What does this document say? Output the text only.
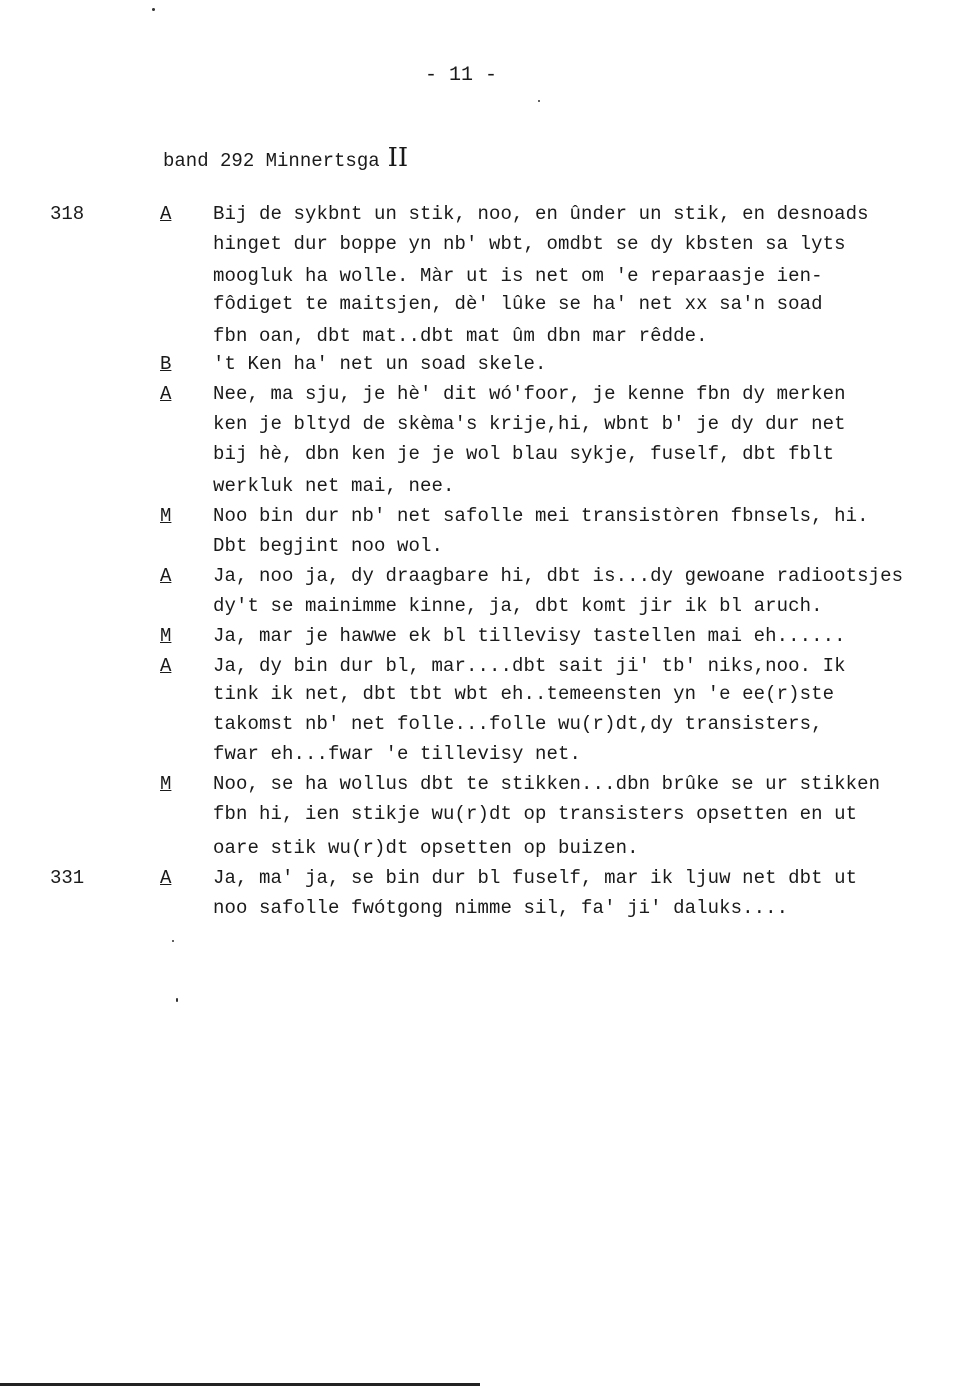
- 11 -
band 292 Minnertsga II
318
331
A
B
A
M
A
M
A
M
A
Bij de sykbnt un stik, noo, en ûnder un stik, en desnoads
hinget dur boppe yn nb' wbt, omdbt se dy kbsten sa lyts
moogluk ha wolle. Màr ut is net om 'e reparaasje ien-
fôdiget te maitsjen, dè' lûke se ha' net xx sa'n soad
fbn oan, dbt mat..dbt mat ûm dbn mar rêdde.
't Ken ha' net un soad skele.
Nee, ma sju, je hè' dit wó'foor, je kenne fbn dy merken
ken je bltyd de skèma's krije,hi, wbnt b' je dy dur net
bij hè, dbn ken je je wol blau sykje, fuself, dbt fblt
werkluk net mai, nee.
Noo bin dur nb' net safolle mei transistòren fbnsels, hi.
Dbt begjint noo wol.
Ja, noo ja, dy draagbare hi, dbt is...dy gewoane radiootsjes
dy't se mainimme kinne, ja, dbt komt jir ik bl aruch.
Ja, mar je hawwe ek bl tillevisy tastellen mai eh......
Ja, dy bin dur bl, mar....dbt sait ji' tb' niks,noo. Ik
tink ik net, dbt tbt wbt eh..temeensten yn 'e ee(r)ste
takomst nb' net folle...folle wu(r)dt,dy transisters,
fwar eh...fwar 'e tillevisy net.
Noo, se ha wollus dbt te stikken...dbn brûke se ur stikken
fbn hi, ien stikje wu(r)dt op transisters opsetten en ut
oare stik wu(r)dt opsetten op buizen.
Ja, ma' ja, se bin dur bl fuself, mar ik ljuw net dbt ut
noo safolle fwótgong nimme sil, fa' ji' daluks....
